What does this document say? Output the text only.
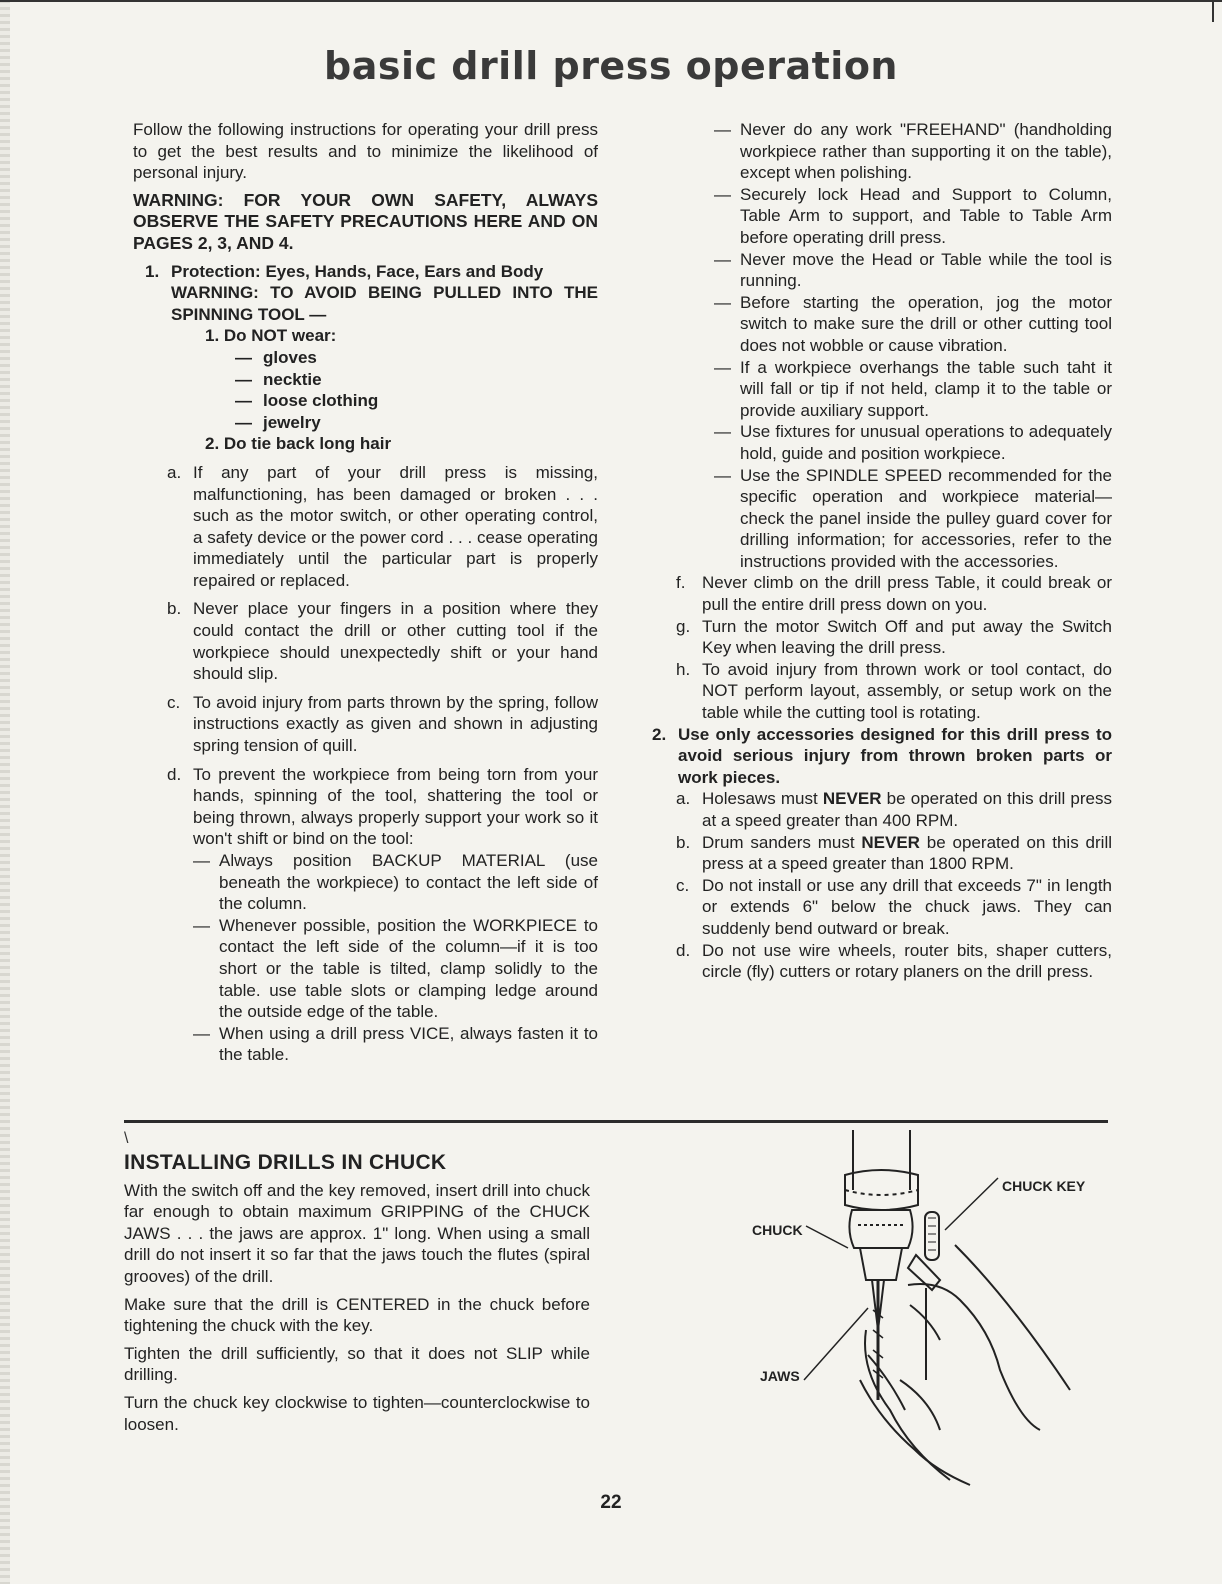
basic drill press operation

Follow the following instructions for operating your drill press to get the best results and to minimize the likelihood of personal injury.

WARNING: FOR YOUR OWN SAFETY, ALWAYS OBSERVE THE SAFETY PRECAUTIONS HERE AND ON PAGES 2, 3, AND 4.

1. Protection: Eyes, Hands, Face, Ears and Body

WARNING: TO AVOID BEING PULLED INTO THE SPINNING TOOL —

1. Do NOT wear:

— gloves
— necktie
— loose clothing
— jewelry

2. Do tie back long hair

a. If any part of your drill press is missing, malfunctioning, has been damaged or broken . . . such as the motor switch, or other operating control, a safety device or the power cord . . . cease operating immediately until the particular part is properly repaired or replaced.
b. Never place your fingers in a position where they could contact the drill or other cutting tool if the workpiece should unexpectedly shift or your hand should slip.
c. To avoid injury from parts thrown by the spring, follow instructions exactly as given and shown in adjusting spring tension of quill.
d. To prevent the workpiece from being torn from your hands, spinning of the tool, shattering the tool or being thrown, always properly support your work so it won't shift or bind on the tool:

— Always position BACKUP MATERIAL (use beneath the workpiece) to contact the left side of the column.
— Whenever possible, position the WORKPIECE to contact the left side of the column—if it is too short or the table is tilted, clamp solidly to the table. use table slots or clamping ledge around the outside edge of the table.
— When using a drill press VICE, always fasten it to the table.
— Never do any work "FREEHAND" (handholding workpiece rather than supporting it on the table), except when polishing.
— Securely lock Head and Support to Column, Table Arm to support, and Table to Table Arm before operating drill press.
— Never move the Head or Table while the tool is running.
— Before starting the operation, jog the motor switch to make sure the drill or other cutting tool does not wobble or cause vibration.
— If a workpiece overhangs the table such taht it will fall or tip if not held, clamp it to the table or provide auxiliary support.
— Use fixtures for unusual operations to adequately hold, guide and position workpiece.
— Use the SPINDLE SPEED recommended for the specific operation and workpiece material—check the panel inside the pulley guard cover for drilling information; for accessories, refer to the instructions provided with the accessories.
f. Never climb on the drill press Table, it could break or pull the entire drill press down on you.
g. Turn the motor Switch Off and put away the Switch Key when leaving the drill press.
h. To avoid injury from thrown work or tool contact, do NOT perform layout, assembly, or setup work on the table while the cutting tool is rotating.
2. Use only accessories designed for this drill press to avoid serious injury from thrown broken parts or work pieces.
a. Holesaws must NEVER be operated on this drill press at a speed greater than 400 RPM.
b. Drum sanders must NEVER be operated on this drill press at a speed greater than 1800 RPM.
c. Do not install or use any drill that exceeds 7" in length or extends 6" below the chuck jaws. They can suddenly bend outward or break.
d. Do not use wire wheels, router bits, shaper cutters, circle (fly) cutters or rotary planers on the drill press.
\
INSTALLING DRILLS IN CHUCK

With the switch off and the key removed, insert drill into chuck far enough to obtain maximum GRIPPING of the CHUCK JAWS . . . the jaws are approx. 1" long. When using a small drill do not insert it so far that the jaws touch the flutes (spiral grooves) of the drill.

Make sure that the drill is CENTERED in the chuck before tightening the chuck with the key.

Tighten the drill sufficiently, so that it does not SLIP while drilling.

Turn the chuck key clockwise to tighten—counterclockwise to loosen.

CHUCK KEY
CHUCK
JAWS
22
